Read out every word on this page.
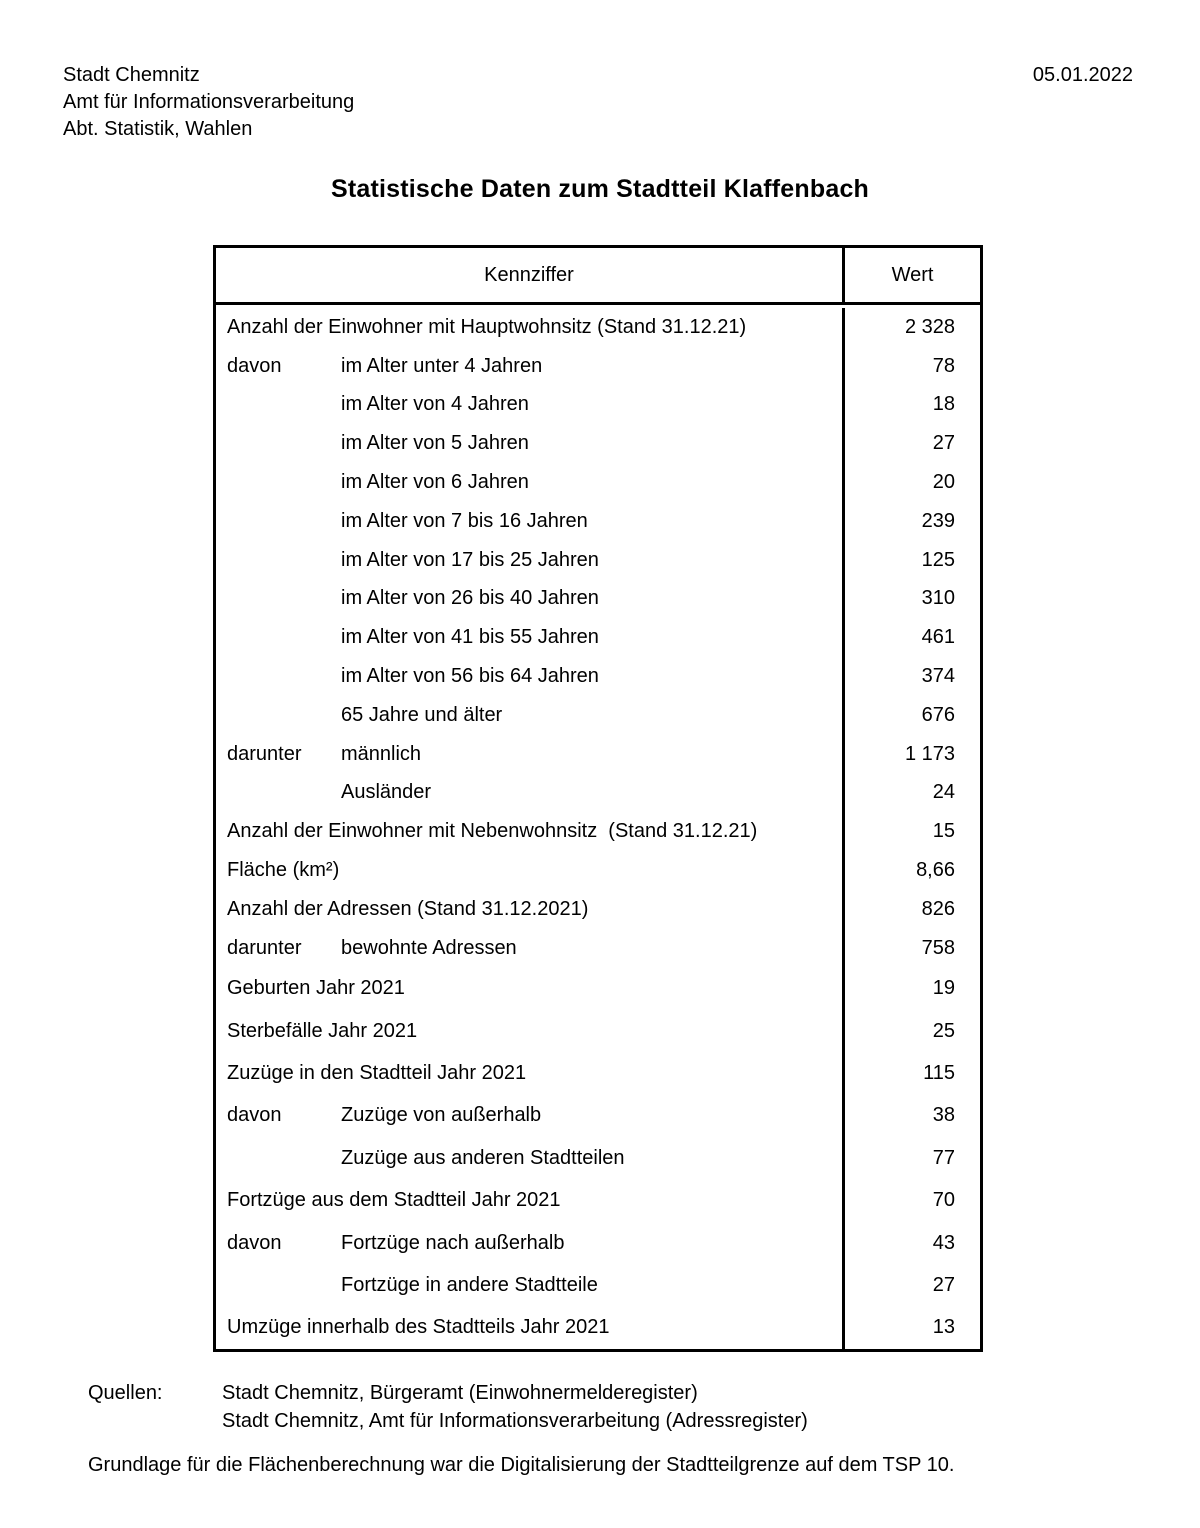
Stadt Chemnitz
Amt für Informationsverarbeitung
Abt. Statistik, Wahlen
05.01.2022
Statistische Daten zum Stadtteil Klaffenbach
Kennziffer	Wert
Anzahl der Einwohner mit Hauptwohnsitz (Stand 31.12.21)	2 328
davon	im Alter unter 4 Jahren	78
im Alter von 4 Jahren	18
im Alter von 5 Jahren	27
im Alter von 6 Jahren	20
im Alter von 7 bis 16 Jahren	239
im Alter von 17 bis 25 Jahren	125
im Alter von 26 bis 40 Jahren	310
im Alter von 41 bis 55 Jahren	461
im Alter von 56 bis 64 Jahren	374
65 Jahre und älter	676
darunter	männlich	1 173
Ausländer	24
Anzahl der Einwohner mit Nebenwohnsitz  (Stand 31.12.21)	15
Fläche (km²)	8,66
Anzahl der Adressen (Stand 31.12.2021)	826
darunter	bewohnte Adressen	758
Geburten Jahr 2021	19
Sterbefälle Jahr 2021	25
Zuzüge in den Stadtteil Jahr 2021	115
davon	Zuzüge von außerhalb	38
Zuzüge aus anderen Stadtteilen	77
Fortzüge aus dem Stadtteil Jahr 2021	70
davon	Fortzüge nach außerhalb	43
Fortzüge in andere Stadtteile	27
Umzüge innerhalb des Stadtteils Jahr 2021	13
Quellen:	Stadt Chemnitz, Bürgeramt (Einwohnermelderegister)
Stadt Chemnitz, Amt für Informationsverarbeitung (Adressregister)
Grundlage für die Flächenberechnung war die Digitalisierung der Stadtteilgrenze auf dem TSP 10.
